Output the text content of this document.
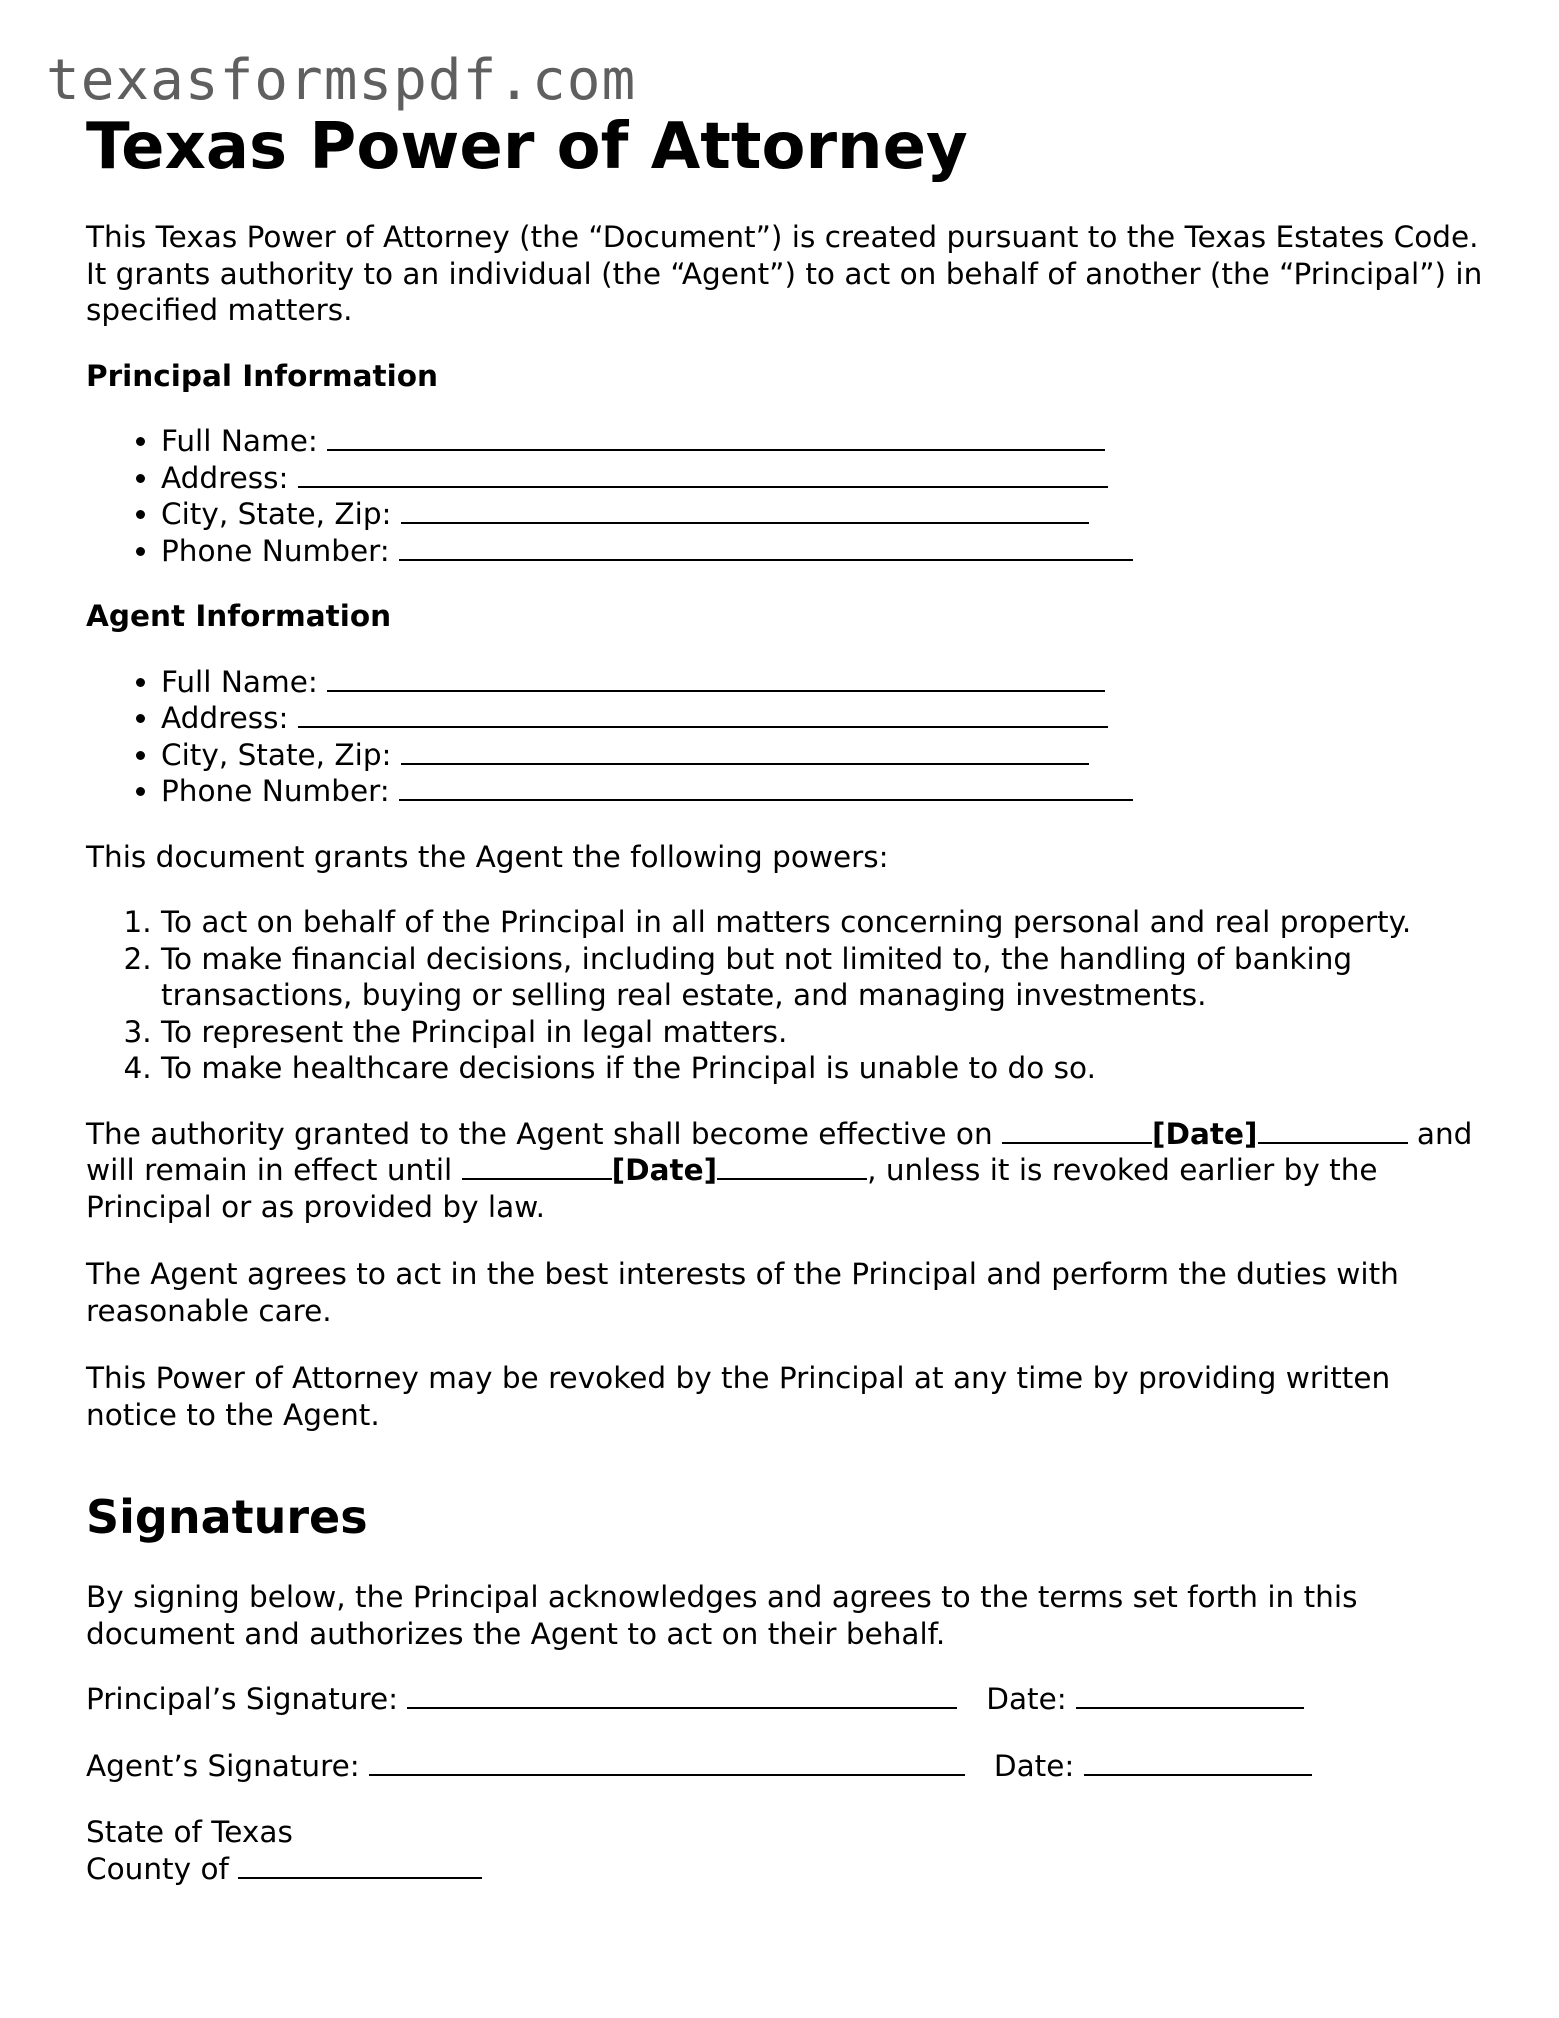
texasformspdf.com
Texas Power of Attorney

This Texas Power of Attorney (the “Document”) is created pursuant to the Texas Estates Code. It grants authority to an individual (the “Agent”) to act on behalf of another (the “Principal”) in specified matters.

Principal Information
• Full Name:
• Address:
• City, State, Zip:
• Phone Number:
Agent Information
• Full Name:
• Address:
• City, State, Zip:
• Phone Number:

This document grants the Agent the following powers:

1. To act on behalf of the Principal in all matters concerning personal and real property.
2. To make financial decisions, including but not limited to, the handling of banking transactions, buying or selling real estate, and managing investments.
3. To represent the Principal in legal matters.
4. To make healthcare decisions if the Principal is unable to do so.

The authority granted to the Agent shall become effective on	[Date]	and will remain in effect until	[Date]	, unless it is revoked earlier by the Principal or as provided by law.

The Agent agrees to act in the best interests of the Principal and perform the duties with reasonable care.

This Power of Attorney may be revoked by the Principal at any time by providing written notice to the Agent.

Signatures

By signing below, the Principal acknowledges and agrees to the terms set forth in this document and authorizes the Agent to act on their behalf.

Principal’s Signature:	Date:
Agent’s Signature:	Date:

State of Texas

County of
